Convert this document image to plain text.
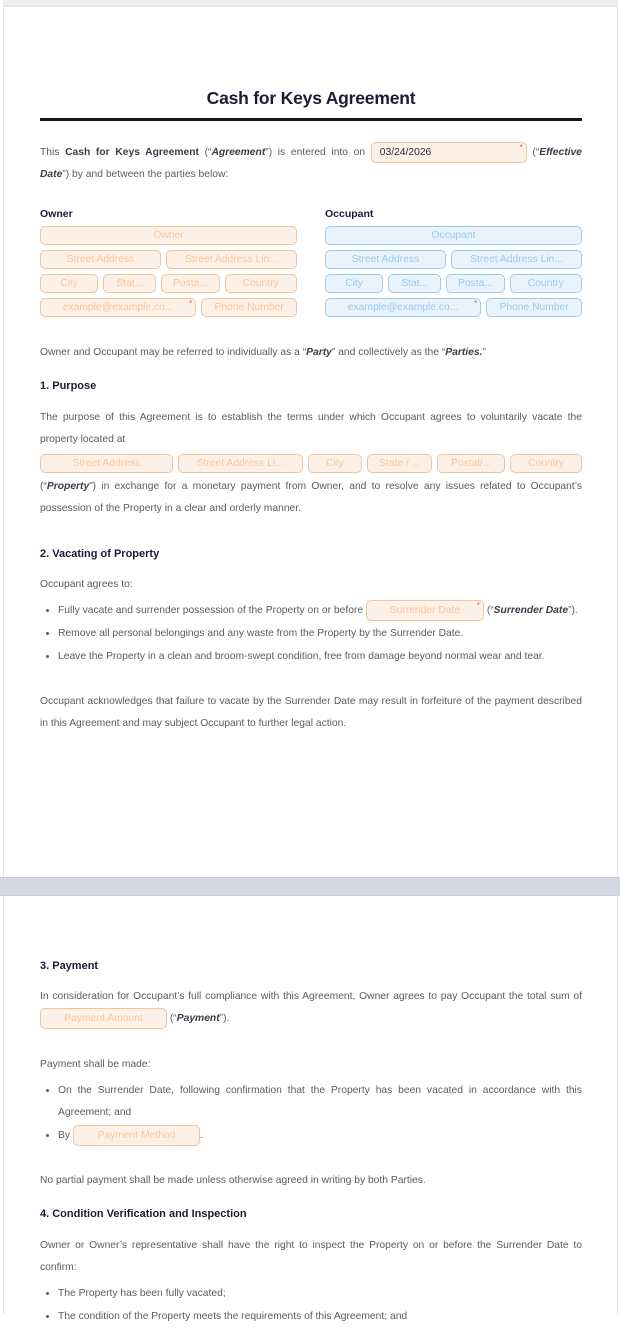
Cash for Keys Agreement

This Cash for Keys Agreement (“Agreement”) is entered into on 03/24/2026	* (“Effective Date”) by and between the parties below:

Owner
Owner
Street Address	Street Address Lin...
City	Stat...	Posta...	Country
example@example.co... *	Phone Number
Occupant
Occupant
Street Address	Street Address Lin...
City	Stat...	Posta...	Country
example@example.co... *	Phone Number

Owner and Occupant may be referred to individually as a “Party” and collectively as the “Parties.”

1. Purpose

The purpose of this Agreement is to establish the terms under which Occupant agrees to voluntarily vacate the property located at

Street Address	Street Address Li...	City	State / ...	Postal/...	Country

(“Property”) in exchange for a monetary payment from Owner, and to resolve any issues related to Occupant’s possession of the Property in a clear and orderly manner.

2. Vacating of Property

Occupant agrees to:

• Fully vacate and surrender possession of the Property on or before	Surrender Date * (“Surrender Date”).
• Remove all personal belongings and any waste from the Property by the Surrender Date.
• Leave the Property in a clean and broom-swept condition, free from damage beyond normal wear and tear.

Occupant acknowledges that failure to vacate by the Surrender Date may result in forfeiture of the payment described in this Agreement and may subject Occupant to further legal action.

3. Payment

In consideration for Occupant’s full compliance with this Agreement, Owner agrees to pay Occupant the total sum of Payment Amount (“Payment”).

Payment shall be made:

• On the Surrender Date, following confirmation that the Property has been vacated in accordance with this Agreement; and
• By	Payment Method .

No partial payment shall be made unless otherwise agreed in writing by both Parties.

4. Condition Verification and Inspection

Owner or Owner’s representative shall have the right to inspect the Property on or before the Surrender Date to confirm:

• The Property has been fully vacated;
• The condition of the Property meets the requirements of this Agreement; and
